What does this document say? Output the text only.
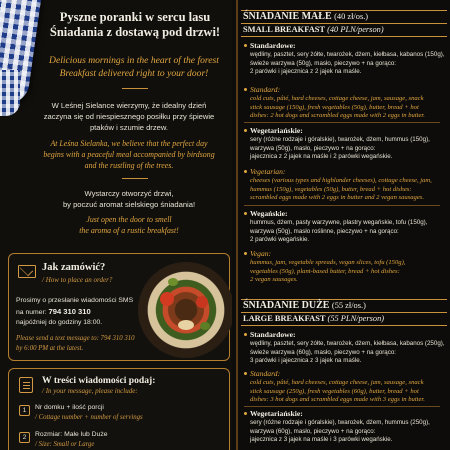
Pyszne poranki w sercu lasu
Śniadania z dostawą pod drzwi!
Delicious mornings in the heart of the forest
Breakfast delivered right to your door!
W Leśnej Sielance wierzymy, że idealny dzień
zaczyna się od niespiesznego posiłku przy śpiewie
ptaków i szumie drzew.
At Leśna Sielanka, we believe that the perfect day
begins with a peaceful meal accompanied by birdsong
and the rustling of the trees.
Wystarczy otworzyć drzwi,
by poczuć aromat sielskiego śniadania!
Just open the door to smell
the aroma of a rustic breakfast!
Jak zamówić?
/ How to place an order?
Prosimy o przesłanie wiadomości SMS
na numer: 794 310 310
najpóźniej do godziny 18:00.
Please send a text message to: 794 310 310
by 6:00 PM at the latest.
W treści wiadomości podaj:
/ In your message, please include:
1	Nr domku + ilość porcji
/ Cottage number + number of servings
2	Rozmiar: Małe lub Duże
/ Size: Small or Large
ŚNIADANIE MAŁE (40 zł/os.)
SMALL BREAKFAST (40 PLN/person)
Standardowe:
wędliny, pasztet, sery żółte, twarożek, dżem, kiełbasa, kabanos (150g),
świeże warzywa (50g), masło, pieczywo + na gorąco:
2 parówki i jajecznica z 2 jajek na maśle.
Standard:
cold cuts, pâté, hard cheeses, cottage cheese, jam, sausage, snack
stick sausage (150g), fresh vegetables (50g), butter, bread + hot
dishes: 2 hot dogs and scrambled eggs made with 2 eggs in butter.
Wegetariańskie:
sery (różne rodzaje i góralskie), twarożek, dżem, hummus (150g),
warzywa (50g), masło, pieczywo + na gorąco:
jajecznica z 2 jajek na maśle i 2 parówki wegańskie.
Vegetarian:
cheeses (various types and highlander cheeses), cottage cheese, jam,
hummus (150g), vegetables (50g), butter, bread + hot dishes:
scrambled eggs made with 2 eggs in butter and 2 vegan sausages.
Wegańskie:
hummus, dżem, pasty warzywne, plastry wegańskie, tofu (150g),
warzywa (50g), masło roślinne, pieczywo + na gorąco:
2 parówki wegańskie.
Vegan:
hummus, jam, vegetable spreads, vegan slices, tofu (150g),
vegetables (50g), plant-based butter, bread + hot dishes:
2 vegan sausages.
ŚNIADANIE DUŻE (55 zł/os.)
LARGE BREAKFAST (55 PLN/person)
Standardowe:
wędliny, pasztet, sery żółte, twarożek, dżem, kiełbasa, kabanos (250g),
świeże warzywa (60g), masło, pieczywo + na gorąco:
3 parówki i jajecznica z 3 jajek na maśle.
Standard:
cold cuts, pâté, hard cheeses, cottage cheese, jam, sausage, snack
stick sausage (250g), fresh vegetables (60g), butter, bread + hot
dishes: 3 hot dogs and scrambled eggs made with 3 eggs in butter.
Wegetariańskie:
sery (różne rodzaje i góralskie), twarożek, dżem, hummus (250g),
warzywa (60g), masło, pieczywo + na gorąco:
jajecznica z 3 jajek na maśle i 3 parówki wegańskie.
